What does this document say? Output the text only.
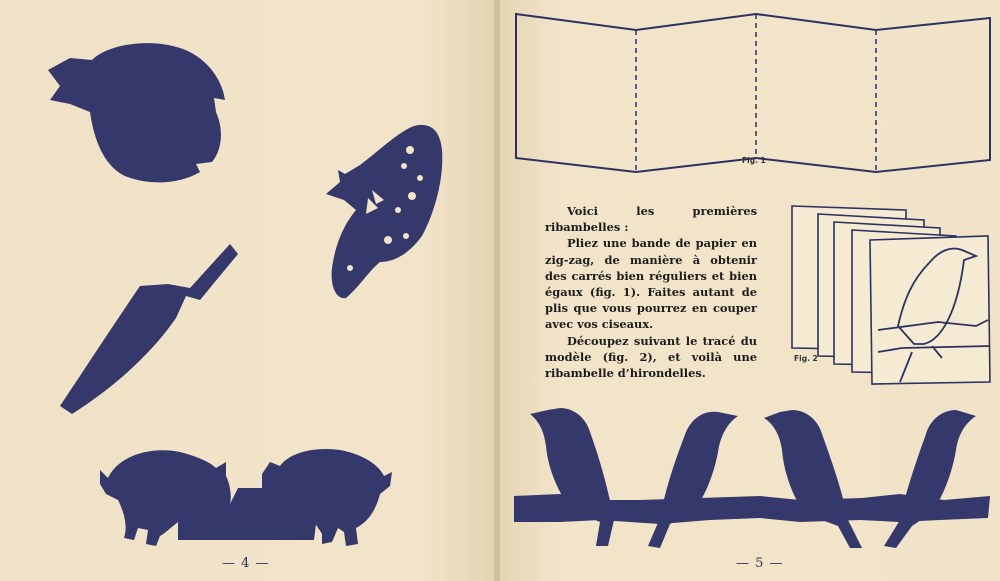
— 4 —	— 5 —
Fig. 1
Fig. 2

Voici les premières ribambelles :

Pliez une bande de papier en zig-zag, de manière à obtenir des carrés bien réguliers et bien égaux (fig. 1). Faites autant de plis que vous pourrez en couper avec vos ciseaux.

Découpez suivant le tracé du modèle (fig. 2), et voilà une ribambelle d’hirondelles.
